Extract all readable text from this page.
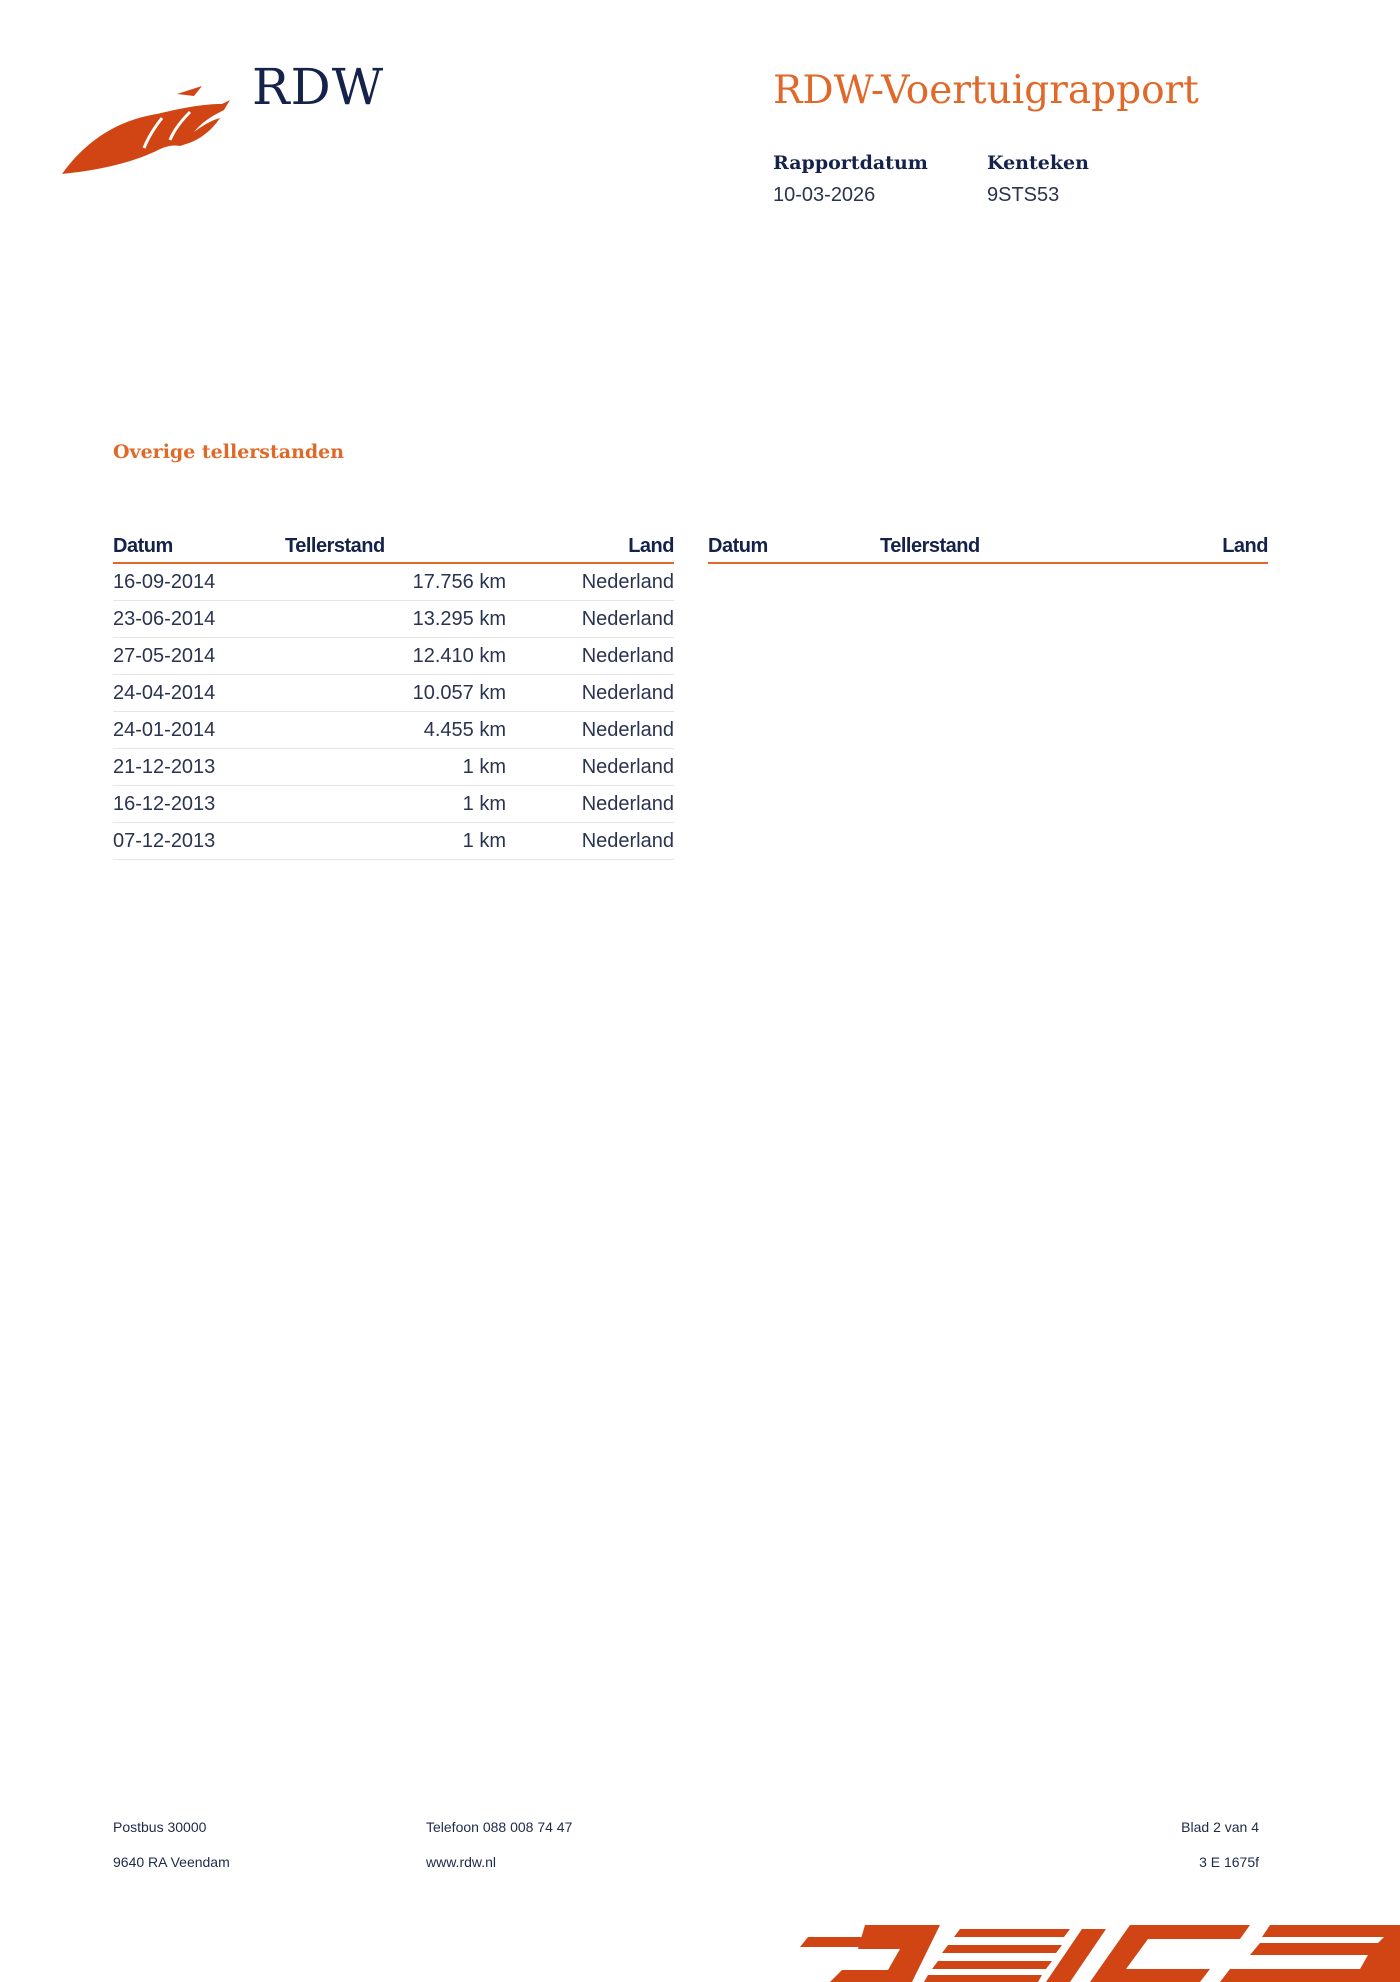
RDW	RDW-Voertuigrapport
Rapportdatum
10-03-2026
Kenteken
9STS53
Overige tellerstanden
Datum	Tellerstand	Land
16-09-2014	17.756 km	Nederland
23-06-2014	13.295 km	Nederland
27-05-2014	12.410 km	Nederland
24-04-2014	10.057 km	Nederland
24-01-2014	4.455 km	Nederland
21-12-2013	1 km	Nederland
16-12-2013	1 km	Nederland
07-12-2013	1 km	Nederland
Datum	Tellerstand	Land
Postbus 30000
9640 RA Veendam
Telefoon 088 008 74 47
www.rdw.nl
Blad 2 van 4
3 E 1675f
